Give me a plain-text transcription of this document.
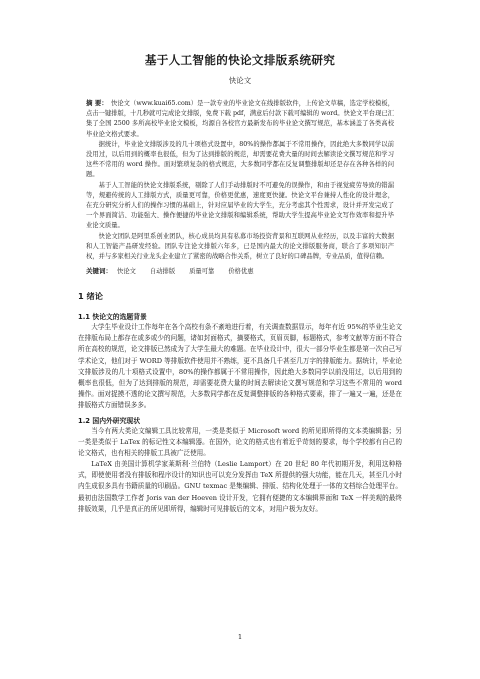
基于人工智能的快论文排版系统研究
快论文

摘 要： 快论文（www.kuai65.com）是一款专业的毕业论文在线排版软件，上传论文草稿，选定学校模板，点击一键排版，十几秒就可完成论文排版，免费下载 pdf，满意后付款下载可编辑的 word。快论文平台现已汇集了全国 2500 多所高校毕业论文模板，均源自各校官方最新发布的毕业论文撰写规范，基本涵盖了各类高校毕业论文格式要求。

据统计，毕业论文排版涉及的几十项格式设置中，80%的操作都属于不常用操作，因此绝大多数同学以前没用过，以后用到的概率也很低，但为了达到排版的规范，却需要花费大量的时间去解读论文撰写规范和学习这些不常用的 word 操作。面对繁琐复杂的格式规范，大多数同学都在反复调整排版却还是存在各种各样的问题。

基于人工智能的快论文排版系统，剔除了人们手动排版时不可避免的误操作，和由于视觉疲劳导致的错漏等，规避传统的人工排版方式，质量更可靠，价格更优惠，速度更快捷。快论文平台兼持人性化的设计理念，在充分研究分析人们的操作习惯的基础上，针对应届毕业的大学生，充分考虑其个性需求，设计并开发完成了一个界面简洁、功能强大、操作便捷的毕业论文排版和编辑系统，帮助大学生提高毕业论文写作效率和提升毕业论文质量。

快论文团队是阿里系创业团队，核心成员均具有私募市场投资背景和互联网从业经历，以及丰富的大数据和人工智能产品研发经验。团队专注论文排版六年多，已是国内最大的论文排版服务商，联合了多项知识产权，并与多家相关行业龙头企业建立了紧密的战略合作关系，树立了良好的口碑品牌，专业品质，值得信赖。

关键词： 快论文 自动排版 质量可靠 价格优惠
1 绪论
1.1 快论文的选题背景

大学生毕业设计工作每年在各个高校有条不紊地进行着，有关调查数据显示，每年有近 95%的毕业生论文在排版布局上都存在或多或少的问题，诸如封面格式，摘要格式，页眉页脚，标题格式，参考文献等方面不符合所在高校的规范，论文排版已然成为了大学生最大的难题。在毕业设计中，很大一部分毕业生都是第一次自己写学术论文，他们对于 WORD 等排版软件使用并不熟练，更不具备几千甚至几万字的排版能力。据统计，毕业论文排版涉及的几十项格式设置中，80%的操作都属于不常用操作，因此绝大多数同学以前没用过，以后用到的概率也很低，但为了达到排版的规范，却需要花费大量的时间去解读论文撰写规范和学习这些不常用的 word 操作。面对捉摸不透的论文撰写规范，大多数同学都在反复调整排版的各种格式要素，排了一遍又一遍，还是在排版格式方面错误多多。

1.2 国内外研究现状

当今有两大类论文编辑工具比较常用，一类是类似于 Microsoft word 的所见即所得的文本类编辑器；另一类是类似于 LaTex 的标记性文本编辑器。在国外，论文的格式也有着近乎苛刻的要求，每个学校都有自己的论文格式，也有相关的排版工具被广泛使用。

LaTeX 由美国计算机学家莱斯利·兰伯特（Leslie Lamport）在 20 世纪 80 年代初期开发，利用这种格式，即使使用者没有排版和程序设计的知识也可以充分发挥由 TeX 所提供的强大功能，能在几天，甚至几小时内生成很多具有书籍质量的印刷品。GNU texmac 是集编辑、排版、结构化处理于一体的文档综合处理平台。最初由法国数学工作者 Joris van der Hoeven 设计开发，它拥有便捷的文本编辑界面和 TeX 一样美观的最终排版效果，几乎是真正的所见即所得，编辑时可见排版后的文本，对用户极为友好。

1
